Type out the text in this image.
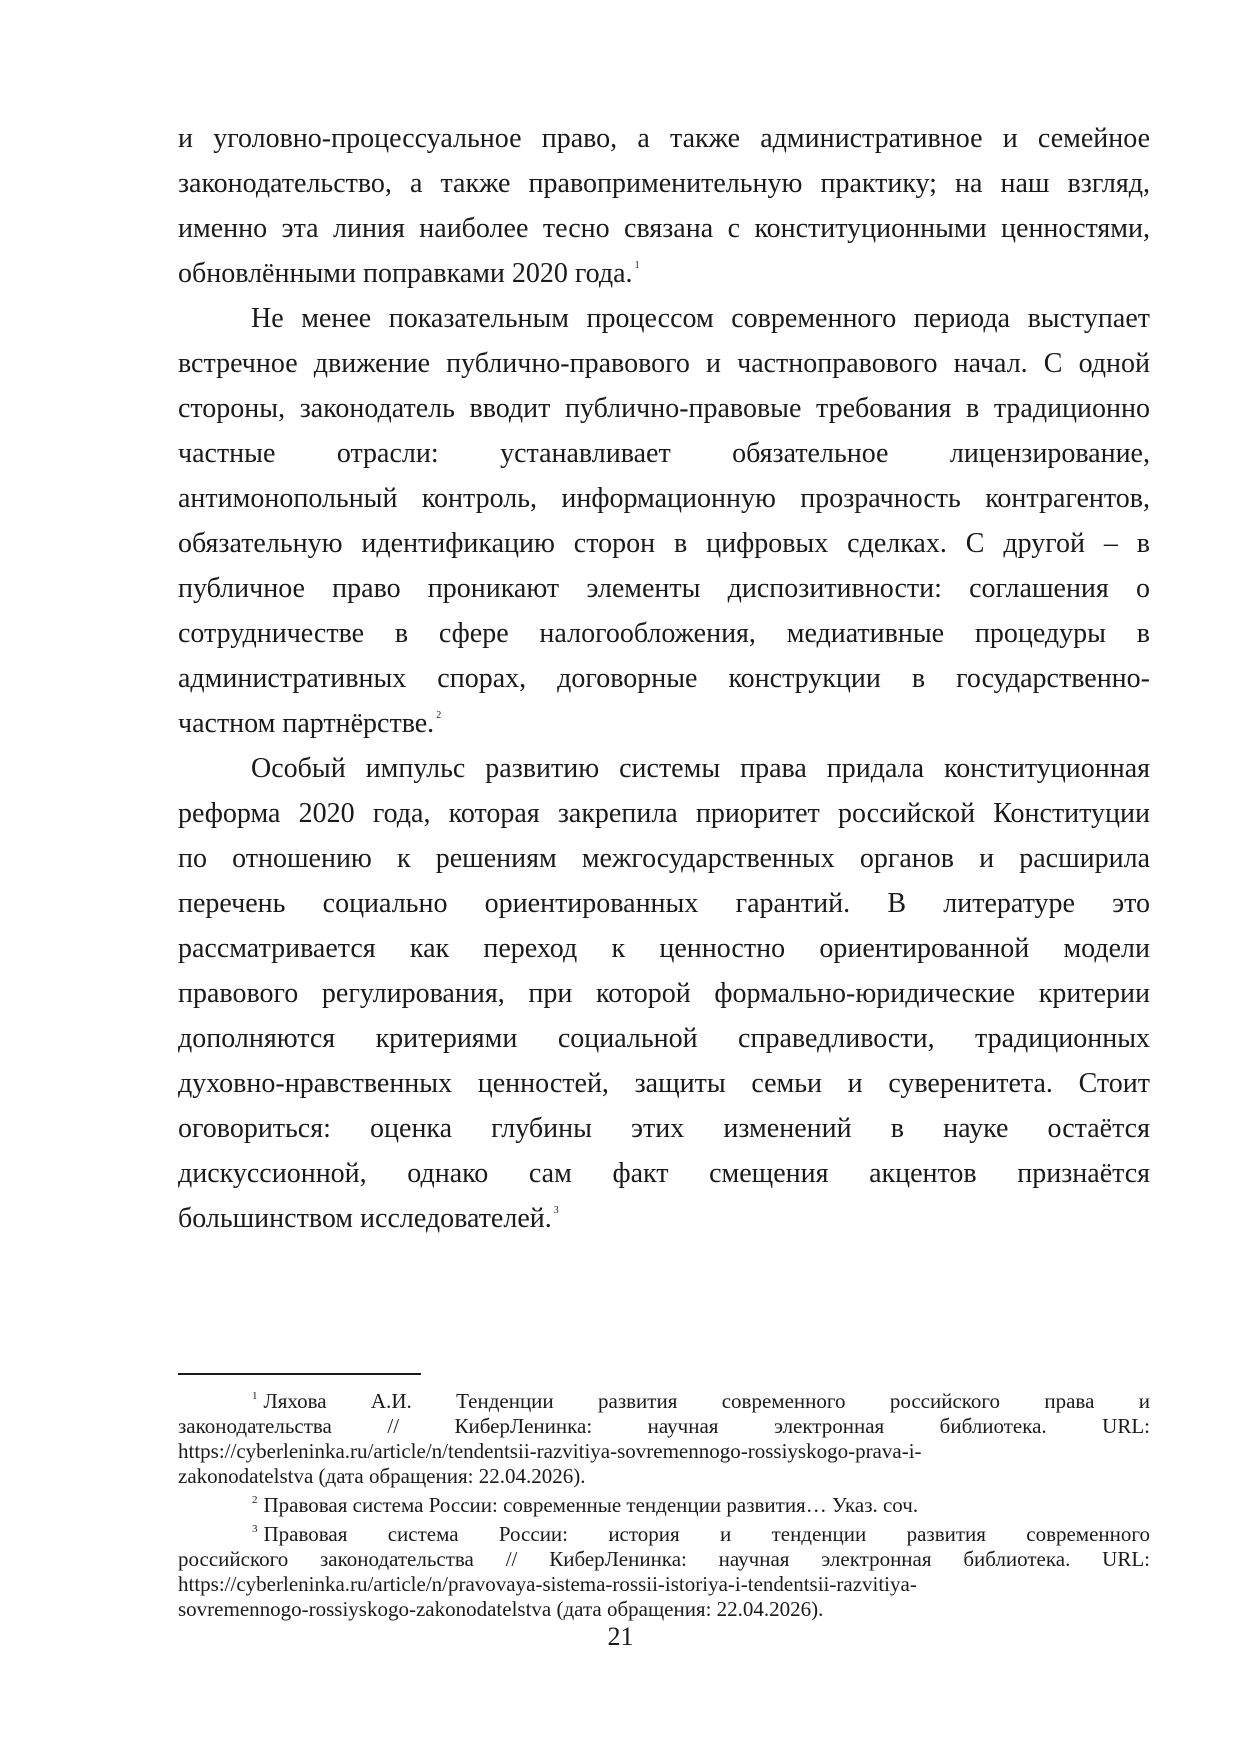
и уголовно-процессуальное право, а также административное и семейное
законодательство, а также правоприменительную практику; на наш взгляд,
именно эта линия наиболее тесно связана с конституционными ценностями,
обновлёнными поправками 2020 года. $^1$
Не менее показательным процессом современного периода выступает
встречное движение публично-правового и частноправового начал. С одной
стороны, законодатель вводит публично-правовые требования в традиционно
частные отрасли: устанавливает обязательное лицензирование,
антимонопольный контроль, информационную прозрачность контрагентов,
обязательную идентификацию сторон в цифровых сделках. С другой – в
публичное право проникают элементы диспозитивности: соглашения о
сотрудничестве в сфере налогообложения, медиативные процедуры в
административных спорах, договорные конструкции в государственно-
частном партнёрстве. $^2$
Особый импульс развитию системы права придала конституционная
реформа 2020 года, которая закрепила приоритет российской Конституции
по отношению к решениям межгосударственных органов и расширила
перечень социально ориентированных гарантий. В литературе это
рассматривается как переход к ценностно ориентированной модели
правового регулирования, при которой формально-юридические критерии
дополняются критериями социальной справедливости, традиционных
духовно-нравственных ценностей, защиты семьи и суверенитета. Стоит
оговориться: оценка глубины этих изменений в науке остаётся
дискуссионной, однако сам факт смещения акцентов признаётся
большинством исследователей. $^3$
$^1$ Ляхова А.И. Тенденции развития современного российского права и
законодательства // КиберЛенинка: научная электронная библиотека. URL:
https://cyberleninka.ru/article/n/tendentsii-razvitiya-sovremennogo-rossiyskogo-prava-i-
zakonodatelstva (дата обращения: 22.04.2026).
$^2$ Правовая система России: современные тенденции развития… Указ. соч.
$^3$ Правовая система России: история и тенденции развития современного
российского законодательства // КиберЛенинка: научная электронная библиотека. URL:
https://cyberleninka.ru/article/n/pravovaya-sistema-rossii-istoriya-i-tendentsii-razvitiya-
sovremennogo-rossiyskogo-zakonodatelstva (дата обращения: 22.04.2026).
21
